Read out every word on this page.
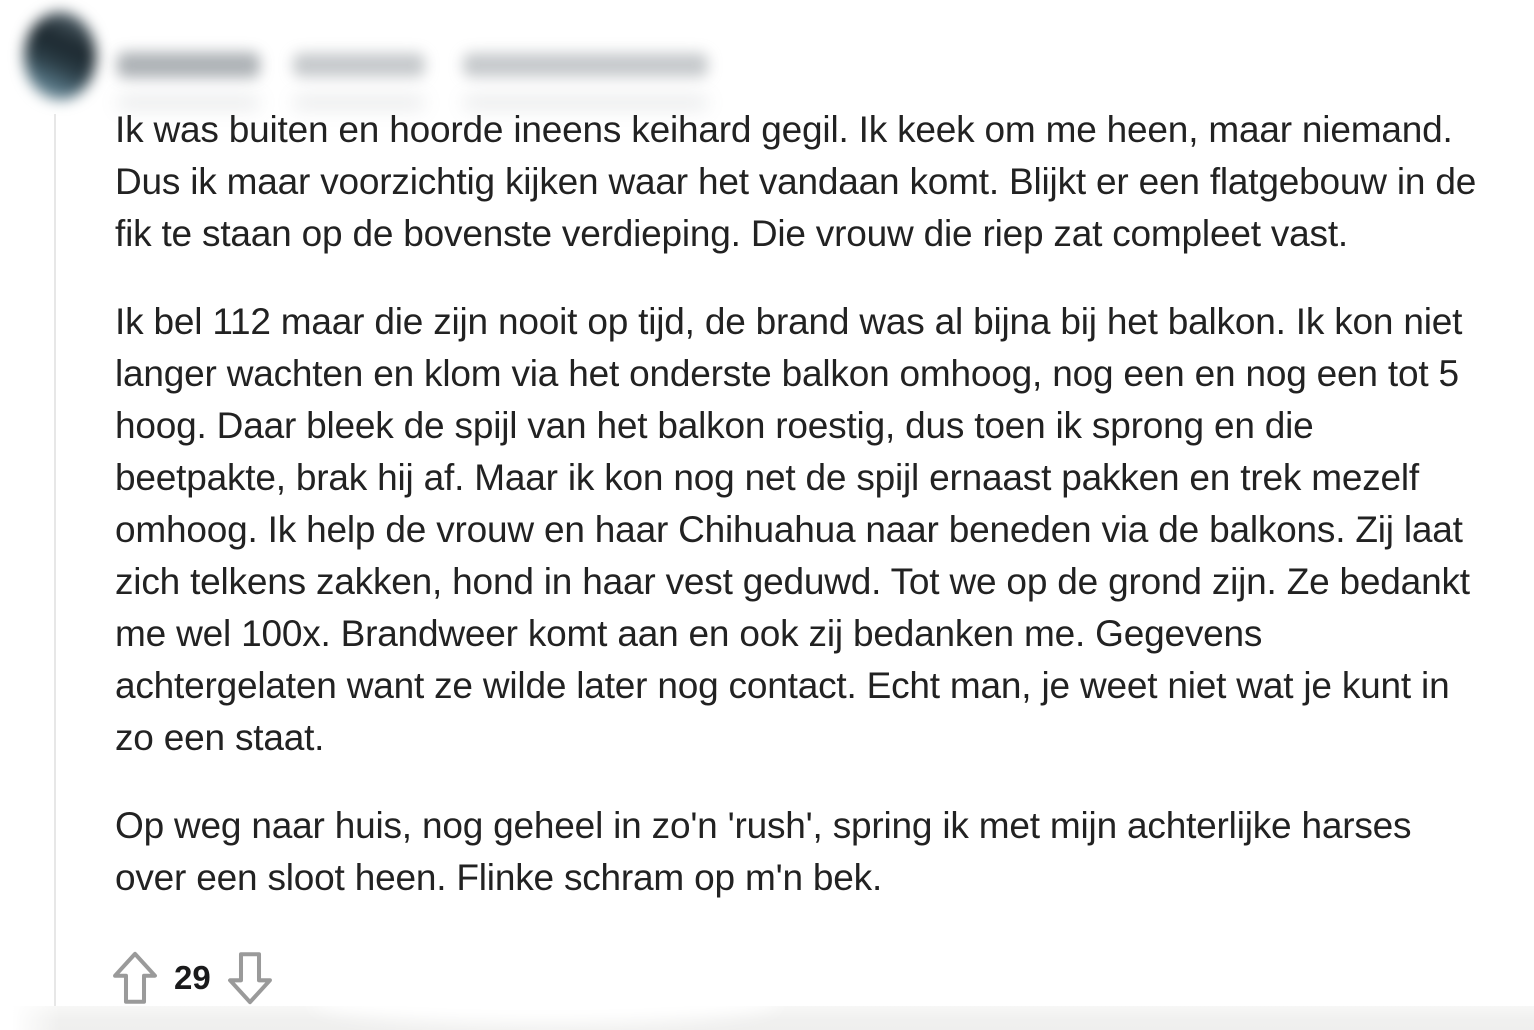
Ik was buiten en hoorde ineens keihard gegil. Ik keek om me heen, maar niemand. Dus ik maar voorzichtig kijken waar het vandaan komt. Blijkt er een flatgebouw in de fik te staan op de bovenste verdieping. Die vrouw die riep zat compleet vast.

Ik bel 112 maar die zijn nooit op tijd, de brand was al bijna bij het balkon. Ik kon niet langer wachten en klom via het onderste balkon omhoog, nog een en nog een tot 5 hoog. Daar bleek de spijl van het balkon roestig, dus toen ik sprong en die beetpakte, brak hij af. Maar ik kon nog net de spijl ernaast pakken en trek mezelf omhoog. Ik help de vrouw en haar Chihuahua naar beneden via de balkons. Zij laat zich telkens zakken, hond in haar vest geduwd. Tot we op de grond zijn. Ze bedankt me wel 100x. Brandweer komt aan en ook zij bedanken me. Gegevens achtergelaten want ze wilde later nog contact. Echt man, je weet niet wat je kunt in zo een staat.

Op weg naar huis, nog geheel in zo'n 'rush', spring ik met mijn achterlijke harses over een sloot heen. Flinke schram op m'n bek.

29
